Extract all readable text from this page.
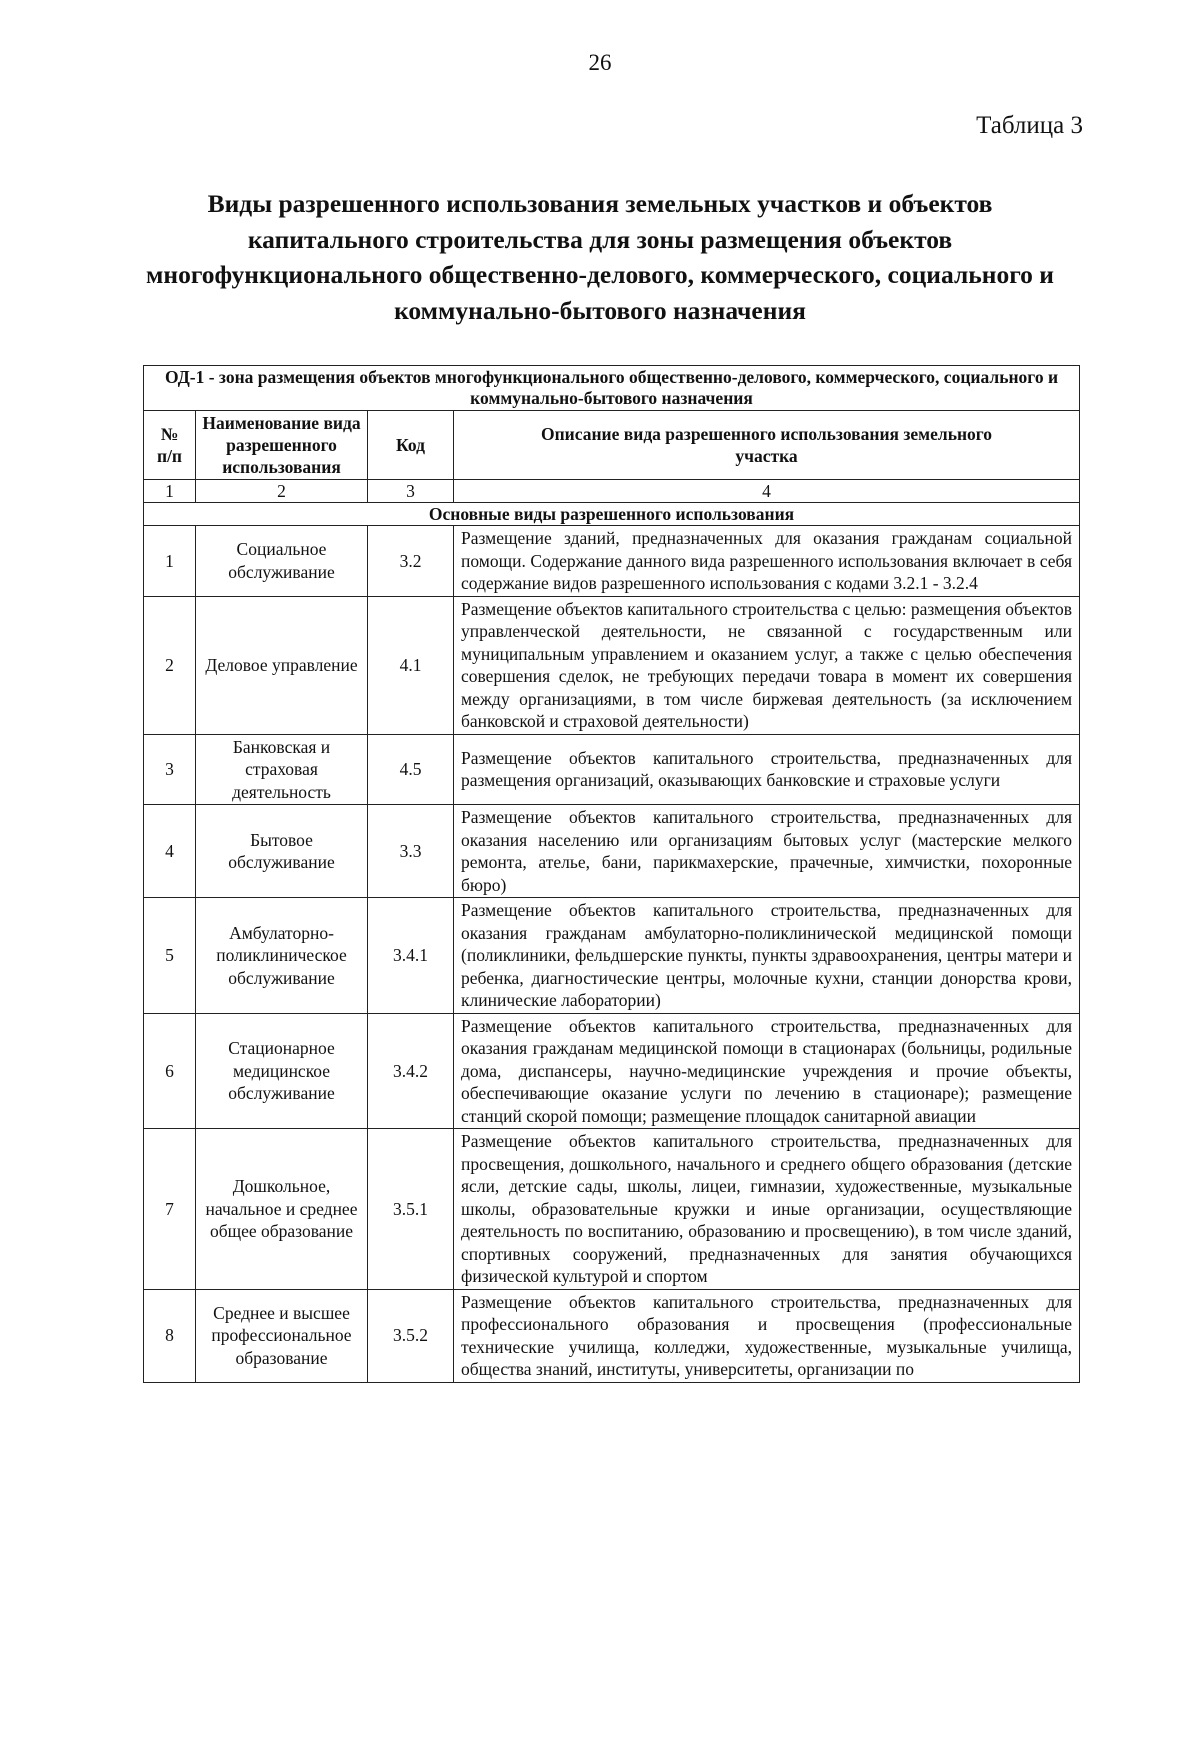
26
Таблица 3
Виды разрешенного использования земельных участков и объектов капитального строительства для зоны размещения объектов многофункционального общественно-делового, коммерческого, социального и коммунально-бытового назначения
ОД-1 - зона размещения объектов многофункционального общественно-делового, коммерческого, социального и коммунально-бытового назначения			
№ п/п	Наименование вида разрешенного использования	Код	Описание вида разрешенного использования земельного участка
1	2	3	4
Основные виды разрешенного использования			
1	Социальное обслуживание	3.2	Размещение зданий, предназначенных для оказания гражданам социальной помощи. Содержание данного вида разрешенного использования включает в себя содержание видов разрешенного использования с кодами 3.2.1 - 3.2.4
2	Деловое управление	4.1	Размещение объектов капитального строительства с целью: размещения объектов управленческой деятельности, не связанной с государственным или муниципальным управлением и оказанием услуг, а также с целью обеспечения совершения сделок, не требующих передачи товара в момент их совершения между организациями, в том числе биржевая деятельность (за исключением банковской и страховой деятельности)
3	Банковская и страховая деятельность	4.5	Размещение объектов капитального строительства, предназначенных для размещения организаций, оказывающих банковские и страховые услуги
4	Бытовое обслуживание	3.3	Размещение объектов капитального строительства, предназначенных для оказания населению или организациям бытовых услуг (мастерские мелкого ремонта, ателье, бани, парикмахерские, прачечные, химчистки, похоронные бюро)
5	Амбулаторно-поликлиническое обслуживание	3.4.1	Размещение объектов капитального строительства, предназначенных для оказания гражданам амбулаторно-поликлинической медицинской помощи (поликлиники, фельдшерские пункты, пункты здравоохранения, центры матери и ребенка, диагностические центры, молочные кухни, станции донорства крови, клинические лаборатории)
6	Стационарное медицинское обслуживание	3.4.2	Размещение объектов капитального строительства, предназначенных для оказания гражданам медицинской помощи в стационарах (больницы, родильные дома, диспансеры, научно-медицинские учреждения и прочие объекты, обеспечивающие оказание услуги по лечению в стационаре); размещение станций скорой помощи; размещение площадок санитарной авиации
7	Дошкольное, начальное и среднее общее образование	3.5.1	Размещение объектов капитального строительства, предназначенных для просвещения, дошкольного, начального и среднего общего образования (детские ясли, детские сады, школы, лицеи, гимназии, художественные, музыкальные школы, образовательные кружки и иные организации, осуществляющие деятельность по воспитанию, образованию и просвещению), в том числе зданий, спортивных сооружений, предназначенных для занятия обучающихся физической культурой и спортом
8	Среднее и высшее профессиональное образование	3.5.2	Размещение объектов капитального строительства, предназначенных для профессионального образования и просвещения (профессиональные технические училища, колледжи, художественные, музыкальные училища, общества знаний, институты, университеты, организации по
